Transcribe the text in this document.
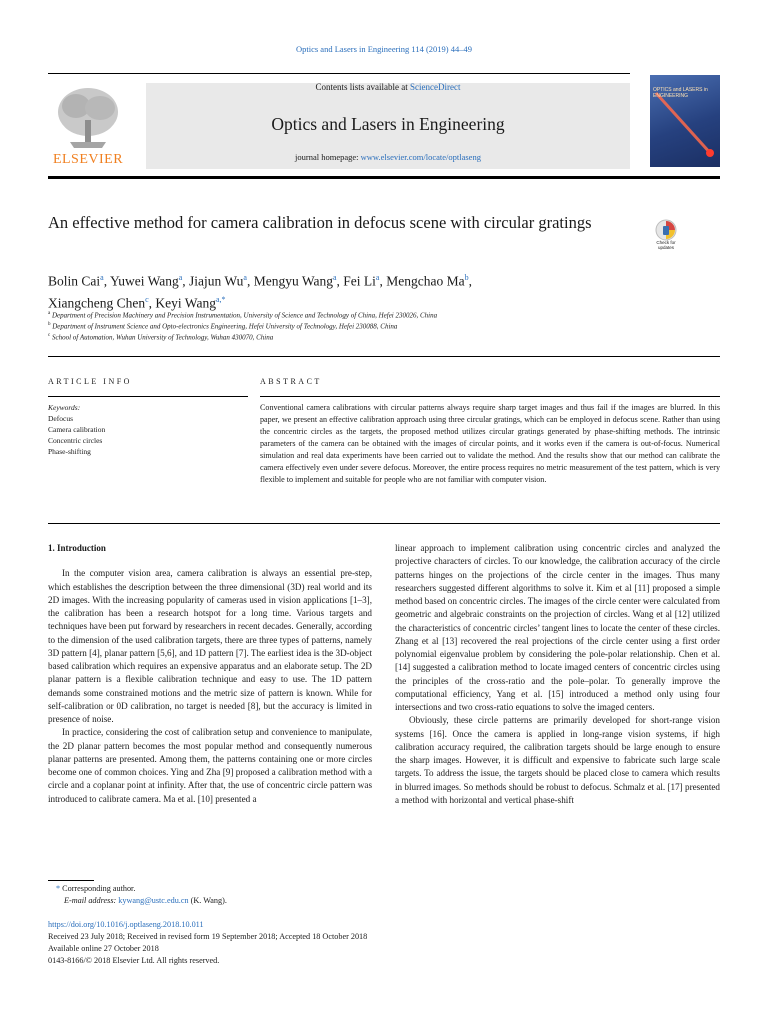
Optics and Lasers in Engineering 114 (2019) 44–49
ELSEVIER
Contents lists available at ScienceDirect
Optics and Lasers in Engineering
journal homepage: www.elsevier.com/locate/optlaseng
OPTICS and LASERS in ENGINEERING
An effective method for camera calibration in defocus scene with circular gratings
Check for updates
Bolin Cai$^a$, Yuwei Wang$^a$, Jiajun Wu$^a$, Mengyu Wang$^a$, Fei Li$^a$, Mengchao Ma$^b$,
Xiangcheng Chen$^c$, Keyi Wang$^{a,*}$
$^a$ Department of Precision Machinery and Precision Instrumentation, University of Science and Technology of China, Hefei 230026, China
$^b$ Department of Instrument Science and Opto-electronics Engineering, Hefei University of Technology, Hefei 230088, China
$^c$ School of Automation, Wuhan University of Technology, Wuhan 430070, China
ARTICLE INFO	ABSTRACT
Keywords:
Defocus
Camera calibration
Concentric circles
Phase-shifting
Conventional camera calibrations with circular patterns always require sharp target images and thus fail if the images are blurred. In this paper, we present an effective calibration approach using three circular gratings, which can be employed in defocus scene. Rather than using the concentric circles as the targets, the proposed method utilizes circular gratings generated by phase-shifting methods. The intrinsic parameters of the camera can be obtained with the images of circular points, and it works even if the camera is out-of-focus. Numerical simulation and real data experiments have been carried out to validate the method. And the results show that our method can calibrate the camera effectively even under severe defocus. Moreover, the entire process requires no metric measurement of the test pattern, which is very flexible to implement and suitable for people who are not familiar with computer vision.

1. Introduction

In the computer vision area, camera calibration is always an essential pre-step, which establishes the description between the three dimensional (3D) real world and its 2D images. With the increasing popularity of cameras used in vision applications [1–3], the calibration has been a research hotspot for a long time. Various targets and techniques have been put forward by researchers in recent decades. Generally, according to the dimension of the used calibration targets, there are three types of patterns, namely 3D pattern [4], planar pattern [5,6], and 1D pattern [7]. The earliest idea is the 3D-object based calibration which requires an expensive apparatus and an elaborate setup. The 2D planar pattern is a flexible calibration technique and easy to use. The 1D pattern demands some constrained motions and the metric size of pattern is known. While for self-calibration or 0D calibration, no target is needed [8], but the accuracy is limited in presence of noise.

In practice, considering the cost of calibration setup and convenience to manipulate, the 2D planar pattern becomes the most popular method and consequently numerous planar patterns are presented. Among them, the patterns containing one or more circles become one of common choices. Ying and Zha [9] proposed a calibration method with a circle and a coplanar point at infinity. After that, the use of concentric circle pattern was introduced to calibrate camera. Ma et al. [10] presented a

linear approach to implement calibration using concentric circles and analyzed the projective characters of circles. To our knowledge, the calibration accuracy of the circle patterns hinges on the projections of the circle center in the images. Thus many researchers suggested different algorithms to solve it. Kim et al [11] proposed a simple method based on concentric circles. The images of the circle center were calculated from geometric and algebraic constraints on the projection of circles. Wang et al [12] utilized the characteristics of concentric circles’ tangent lines to locate the center of these circles. Zhang et al [13] recovered the real projections of the circle center using a first order polynomial eigenvalue problem by considering the pole-polar relationship. Chen et al. [14] suggested a calibration method to locate imaged centers of concentric circles using the principles of the cross-ratio and the pole–polar. To generally improve the computational efficiency, Yang et al. [15] introduced a method only using four intersections and two cross-ratio equations to solve the imaged centers.

Obviously, these circle patterns are primarily developed for short-range vision systems [16]. Once the camera is applied in long-range vision systems, if high calibration accuracy required, the calibration targets should be large enough to ensure the sharp images. However, it is difficult and expensive to fabricate such large scale targets. To address the issue, the targets should be placed close to camera which results in blurred images. So methods should be robust to defocus. Schmalz et al. [17] presented a method with horizontal and vertical phase-shift

* Corresponding author.
E-mail address: kywang@ustc.edu.cn (K. Wang).
https://doi.org/10.1016/j.optlaseng.2018.10.011
Received 23 July 2018; Received in revised form 19 September 2018; Accepted 18 October 2018
Available online 27 October 2018
0143-8166/© 2018 Elsevier Ltd. All rights reserved.
